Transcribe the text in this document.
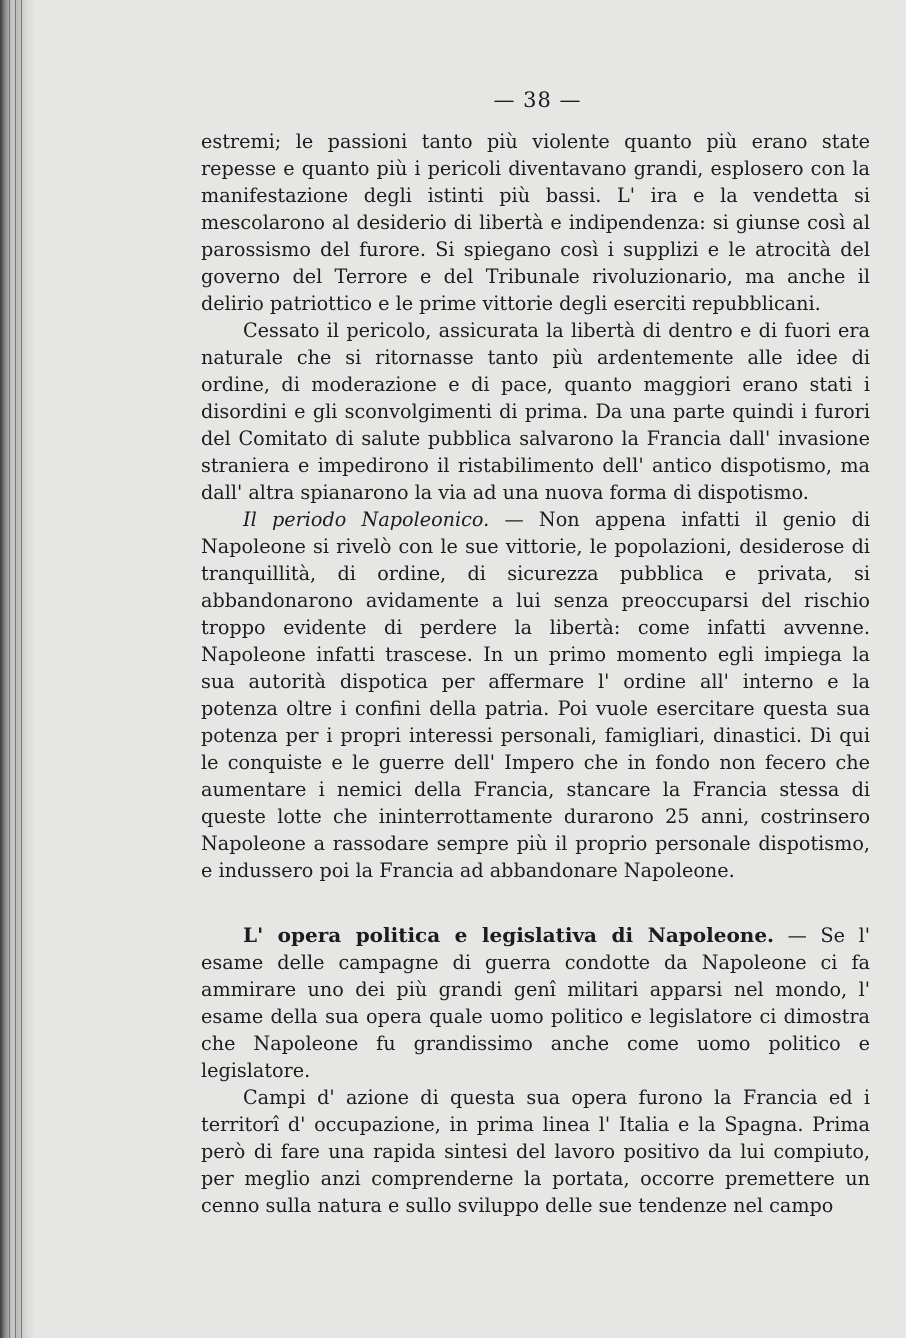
— 38 —

estremi; le passioni tanto più violente quanto più erano state repesse e quanto più i pericoli diventavano grandi, esplosero con la manifestazione degli istinti più bassi. L' ira e la vendetta si mescolarono al desiderio di libertà e indipendenza: si giunse così al parossismo del furore. Si spiegano così i supplizi e le atrocità del governo del Terrore e del Tribunale rivoluzionario, ma anche il delirio patriottico e le prime vittorie degli eserciti repubblicani.

Cessato il pericolo, assicurata la libertà di dentro e di fuori era naturale che si ritornasse tanto più ardentemente alle idee di ordine, di moderazione e di pace, quanto maggiori erano stati i disordini e gli sconvolgimenti di prima. Da una parte quindi i furori del Comitato di salute pubblica salvarono la Francia dall' invasione straniera e impedirono il ristabilimento dell' antico dispotismo, ma dall' altra spianarono la via ad una nuova forma di dispotismo.

Il periodo Napoleonico. — Non appena infatti il genio di Napoleone si rivelò con le sue vittorie, le popolazioni, desiderose di tranquillità, di ordine, di sicurezza pubblica e privata, si abbandonarono avidamente a lui senza preoccuparsi del rischio troppo evidente di perdere la libertà: come infatti avvenne. Napoleone infatti trascese. In un primo momento egli impiega la sua autorità dispotica per affermare l' ordine all' interno e la potenza oltre i confini della patria. Poi vuole esercitare questa sua potenza per i propri interessi personali, famigliari, dinastici. Di qui le conquiste e le guerre dell' Impero che in fondo non fecero che aumentare i nemici della Francia, stancare la Francia stessa di queste lotte che ininterrottamente durarono 25 anni, costrinsero Napoleone a rassodare sempre più il proprio personale dispotismo, e indussero poi la Francia ad abbandonare Napoleone.

L' opera politica e legislativa di Napoleone. — Se l' esame delle campagne di guerra condotte da Napoleone ci fa ammirare uno dei più grandi genî militari apparsi nel mondo, l' esame della sua opera quale uomo politico e legislatore ci dimostra che Napoleone fu grandissimo anche come uomo politico e legislatore.

Campi d' azione di questa sua opera furono la Francia ed i territorî d' occupazione, in prima linea l' Italia e la Spagna. Prima però di fare una rapida sintesi del lavoro positivo da lui compiuto, per meglio anzi comprenderne la portata, occorre premettere un cenno sulla natura e sullo sviluppo delle sue tendenze nel campo
